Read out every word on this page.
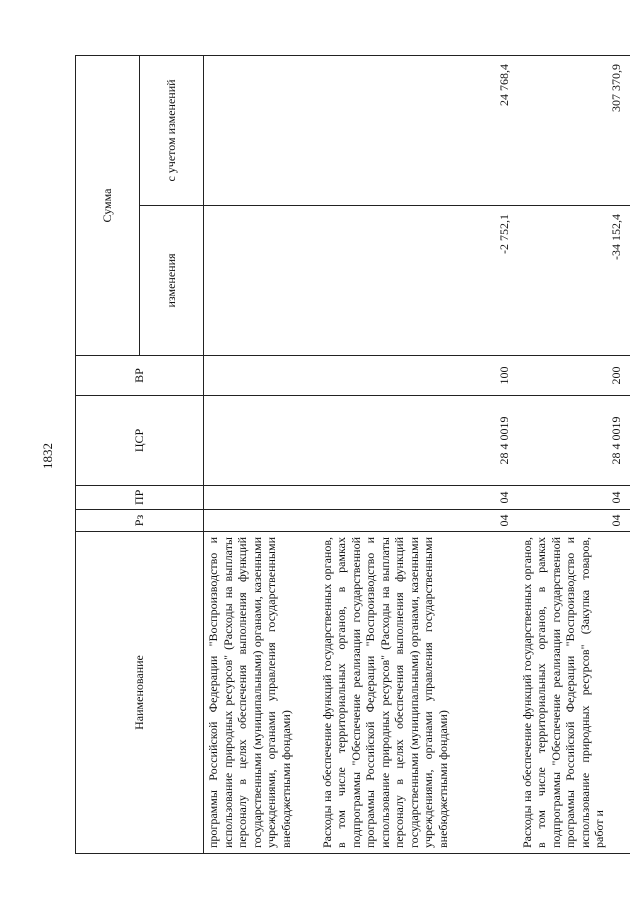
1832
Наименование	Рз	ПР	ЦСР	ВР	Сумма	
					изменения	с учетом изменений
программы Российской Федерации "Воспроизводство и использование природных ресурсов" (Расходы на выплаты персоналу в целях обеспечения выполнения функций государственными (муниципальными) органами, казенными учреждениями, органами управления государственными внебюджетными фондами)						
Расходы на обеспечение функций государственных органов, в том числе территориальных органов, в рамках подпрограммы "Обеспечение реализации государственной программы Российской Федерации "Воспроизводство и использование природных ресурсов" (Расходы на выплаты персоналу в целях обеспечения выполнения функций государственными (муниципальными) органами, казенными учреждениями, органами управления государственными внебюджетными фондами)	04	04	28 4 0019	100	-2 752,1	24 768,4
Расходы на обеспечение функций государственных органов, в том числе территориальных органов, в рамках подпрограммы "Обеспечение реализации государственной программы Российской Федерации "Воспроизводство и использование природных ресурсов" (Закупка товаров, работ и	04	04	28 4 0019	200	-34 152,4	307 370,9
